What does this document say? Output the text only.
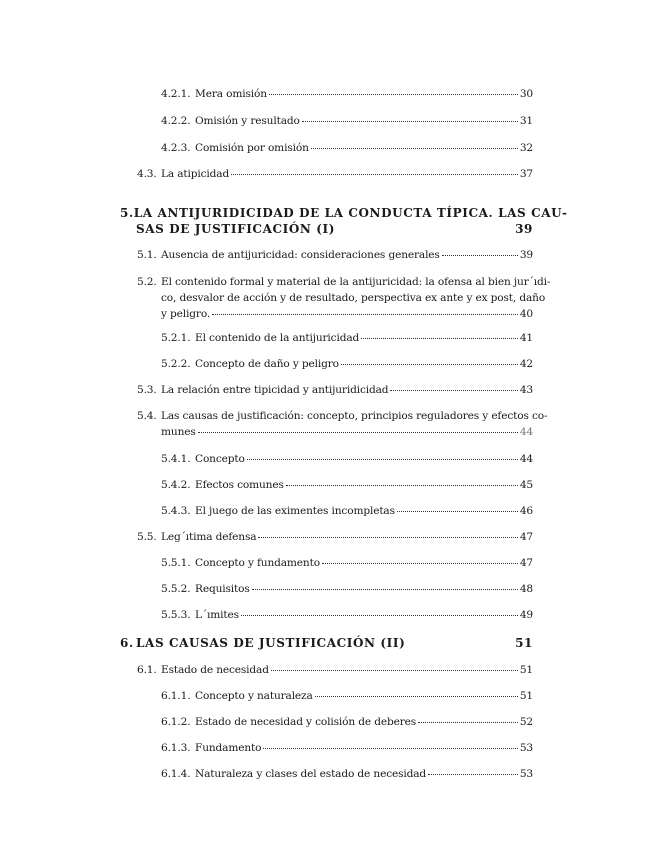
4.2.1. Mera omisión	30
4.2.2. Omisión y resultado	31
4.2.3. Comisión por omisión	32
4.3. La atipicidad	37
5. LA ANTIJURIDICIDAD DE LA CONDUCTA TÍPICA. LAS CAU-
SAS DE JUSTIFICACIÓN (I)	39
5.1. Ausencia de antijuricidad: consideraciones generales	39
5.2. El contenido formal y material de la antijuricidad: la ofensa al bien jur´ıdi-
co, desvalor de acción y de resultado, perspectiva ex ante y ex post, daño
y peligro.	40
5.2.1. El contenido de la antijuricidad	41
5.2.2. Concepto de daño y peligro	42
5.3. La relación entre tipicidad y antijuridicidad	43
5.4. Las causas de justificación: concepto, principios reguladores y efectos co-
munes	44
5.4.1. Concepto	44
5.4.2. Efectos comunes	45
5.4.3. El juego de las eximentes incompletas	46
5.5. Leg´ıtima defensa	47
5.5.1. Concepto y fundamento	47
5.5.2. Requisitos	48
5.5.3. L´ımites	49
6. LAS CAUSAS DE JUSTIFICACIÓN (II)	51
6.1. Estado de necesidad	51
6.1.1. Concepto y naturaleza	51
6.1.2. Estado de necesidad y colisión de deberes	52
6.1.3. Fundamento	53
6.1.4. Naturaleza y clases del estado de necesidad	53
